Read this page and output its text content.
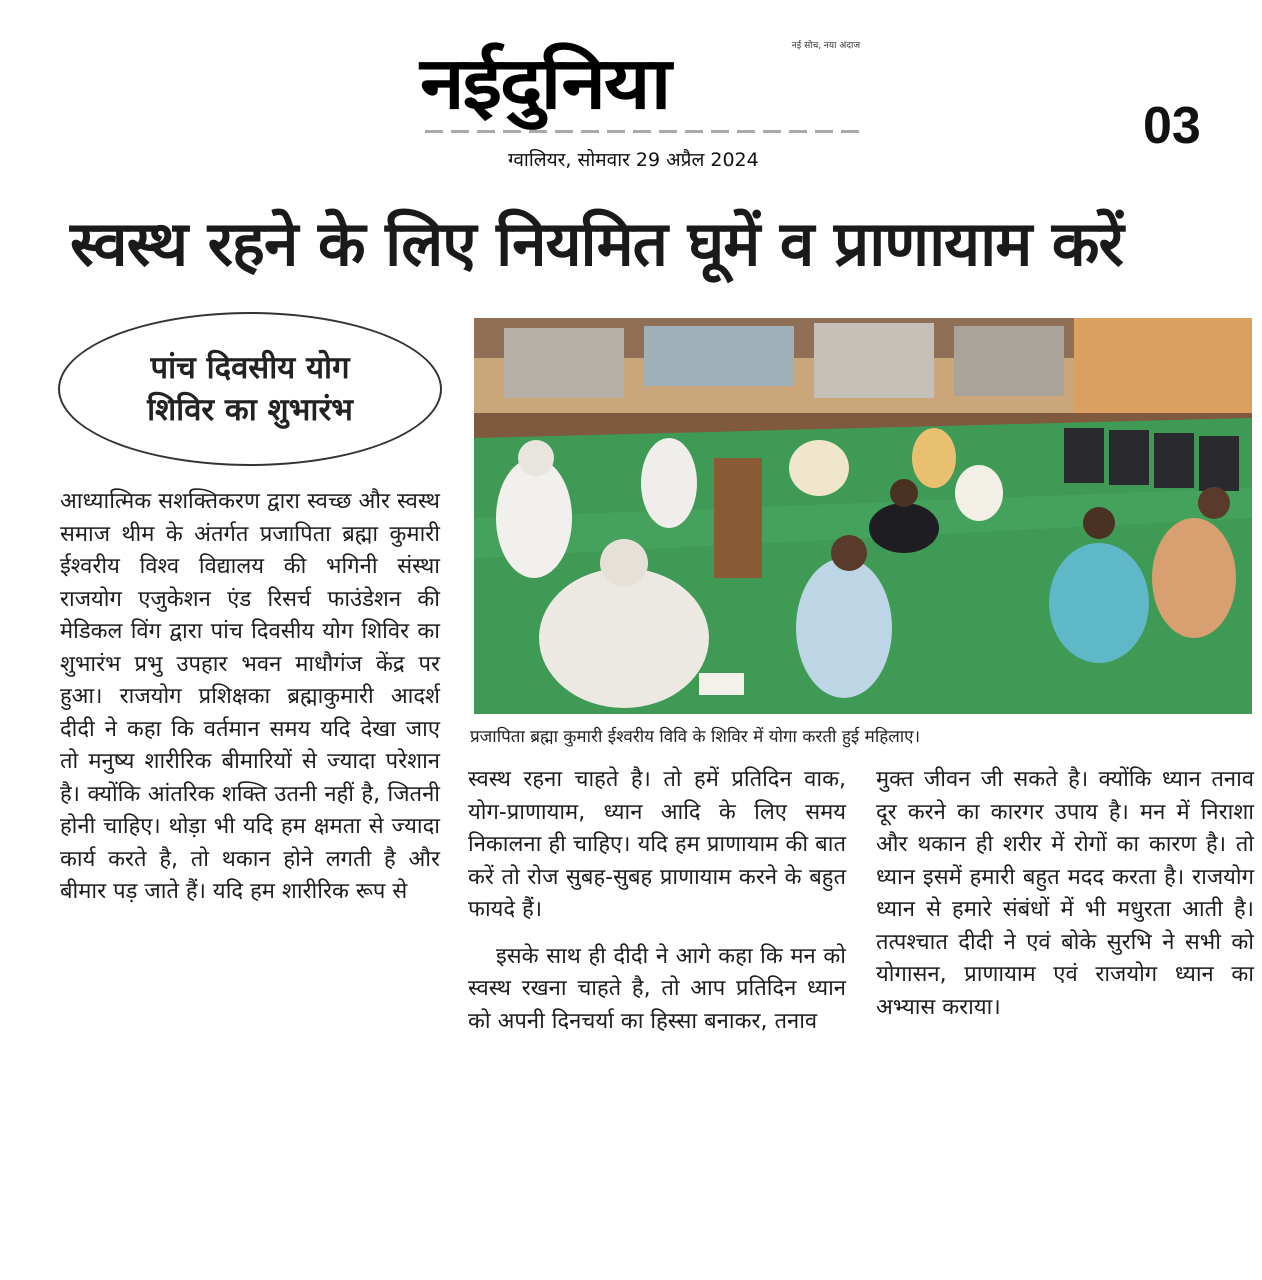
नईदुनिया	नई सोच, नया अंदाज
ग्वालियर, सोमवार 29 अप्रैल 2024
03
स्वस्थ रहने के लिए नियमित घूमें व प्राणायाम करें
पांच दिवसीय योग शिविर का शुभारंभ
प्रजापिता ब्रह्मा कुमारी ईश्वरीय विवि के शिविर में योगा करती हुई महिलाए।

आध्यात्मिक सशक्तिकरण द्वारा स्वच्छ और स्वस्थ समाज थीम के अंतर्गत प्रजापिता ब्रह्मा कुमारी ईश्वरीय विश्व विद्यालय की भगिनी संस्था राजयोग एजुकेशन एंड रिसर्च फाउंडेशन की मेडिकल विंग द्वारा पांच दिवसीय योग शिविर का शुभारंभ प्रभु उपहार भवन माधौगंज केंद्र पर हुआ। राजयोग प्रशिक्षका ब्रह्माकुमारी आदर्श दीदी ने कहा कि वर्तमान समय यदि देखा जाए तो मनुष्य शारीरिक बीमारियों से ज्यादा परेशान है। क्योंकि आंतरिक शक्ति उतनी नहीं है, जितनी होनी चाहिए। थोड़ा भी यदि हम क्षमता से ज्यादा कार्य करते है, तो थकान होने लगती है और बीमार पड़ जाते हैं। यदि हम शारीरिक रूप से

स्वस्थ रहना चाहते है। तो हमें प्रतिदिन वाक, योग-प्राणायाम, ध्यान आदि के लिए समय निकालना ही चाहिए। यदि हम प्राणायाम की बात करें तो रोज सुबह-सुबह प्राणायाम करने के बहुत फायदे हैं।

इसके साथ ही दीदी ने आगे कहा कि मन को स्वस्थ रखना चाहते है, तो आप प्रतिदिन ध्यान को अपनी दिनचर्या का हिस्सा बनाकर, तनाव

मुक्त जीवन जी सकते है। क्योंकि ध्यान तनाव दूर करने का कारगर उपाय है। मन में निराशा और थकान ही शरीर में रोगों का कारण है। तो ध्यान इसमें हमारी बहुत मदद करता है। राजयोग ध्यान से हमारे संबंधों में भी मधुरता आती है। तत्पश्चात दीदी ने एवं बोके सुरभि ने सभी को योगासन, प्राणायाम एवं राजयोग ध्यान का अभ्यास कराया।
